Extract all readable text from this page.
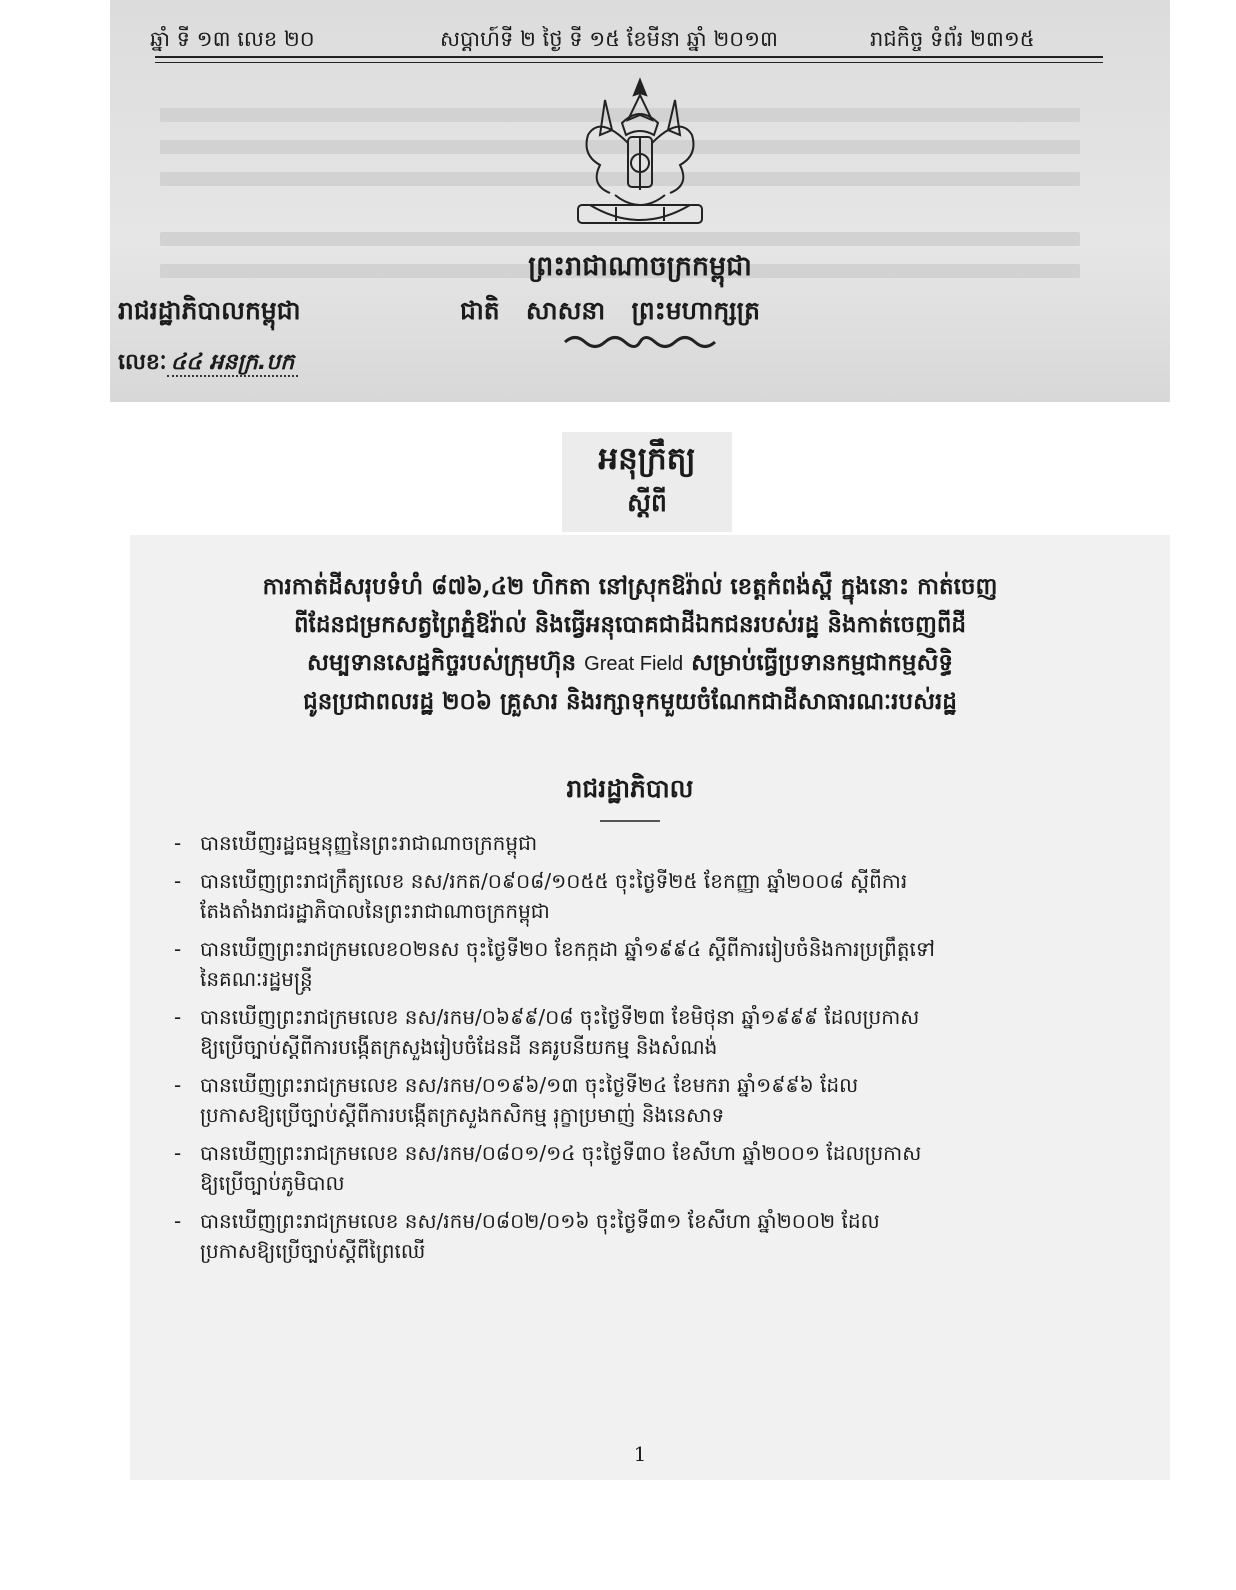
ឆ្នាំ ទី ១៣ លេខ ២០	សប្តាហ៍ទី ២ ថ្ងៃ ទី ១៥ ខែមីនា ឆ្នាំ ២០១៣	រាជកិច្ច ទំព័រ ២៣១៥
ព្រះរាជាណាចក្រកម្ពុជា
ជាតិ សាសនា ព្រះមហាក្សត្រ
រាជរដ្ឋាភិបាលកម្ពុជា
លេខៈ ៤៤ អនក្រ.បក
អនុក្រឹត្យ
ស្តីពី
ការកាត់ដីសរុបទំហំ ៨៧៦,៤២ ហិកតា នៅស្រុកឱរ៉ាល់ ខេត្តកំពង់ស្ពឺ ក្នុងនោះ កាត់ចេញ
ពីដែនជម្រកសត្វព្រៃភ្នំឱរ៉ាល់ និងធ្វើអនុបោគជាដីឯកជនរបស់រដ្ឋ និងកាត់ចេញពីដី
សម្បទានសេដ្ឋកិច្ចរបស់ក្រុមហ៊ុន Great Field សម្រាប់ធ្វើប្រទានកម្មជាកម្មសិទ្ធិ
ជូនប្រជាពលរដ្ឋ ២០៦ គ្រួសារ និងរក្សាទុកមួយចំណែកជាដីសាធារណៈរបស់រដ្ឋ
រាជរដ្ឋាភិបាល
- បានឃើញរដ្ឋធម្មនុញ្ញនៃព្រះរាជាណាចក្រកម្ពុជា
- បានឃើញព្រះរាជក្រឹត្យលេខ នស/រកត/០៩០៨/១០៥៥ ចុះថ្ងៃទី២៥ ខែកញ្ញា ឆ្នាំ២០០៨ ស្តីពីការ
តែងតាំងរាជរដ្ឋាភិបាលនៃព្រះរាជាណាចក្រកម្ពុជា
- បានឃើញព្រះរាជក្រមលេខ០២នស ចុះថ្ងៃទី២០ ខែកក្កដា ឆ្នាំ១៩៩៤ ស្តីពីការរៀបចំនិងការប្រព្រឹត្តទៅ
នៃគណៈរដ្ឋមន្ត្រី
- បានឃើញព្រះរាជក្រមលេខ នស/រកម/០៦៩៩/០៨ ចុះថ្ងៃទី២៣ ខែមិថុនា ឆ្នាំ១៩៩៩ ដែលប្រកាស
ឱ្យប្រើច្បាប់ស្តីពីការបង្កើតក្រសួងរៀបចំដែនដី នគរូបនីយកម្ម និងសំណង់
- បានឃើញព្រះរាជក្រមលេខ នស/រកម/០១៩៦/១៣ ចុះថ្ងៃទី២៤ ខែមករា ឆ្នាំ១៩៩៦ ដែល
ប្រកាសឱ្យប្រើច្បាប់ស្តីពីការបង្កើតក្រសួងកសិកម្ម រុក្ខាប្រមាញ់ និងនេសាទ
- បានឃើញព្រះរាជក្រមលេខ នស/រកម/០៨០១/១៤ ចុះថ្ងៃទី៣០ ខែសីហា ឆ្នាំ២០០១ ដែលប្រកាស
ឱ្យប្រើច្បាប់ភូមិបាល
- បានឃើញព្រះរាជក្រមលេខ នស/រកម/០៨០២/០១៦ ចុះថ្ងៃទី៣១ ខែសីហា ឆ្នាំ២០០២ ដែល
ប្រកាសឱ្យប្រើច្បាប់ស្តីពីព្រៃឈើ
1
